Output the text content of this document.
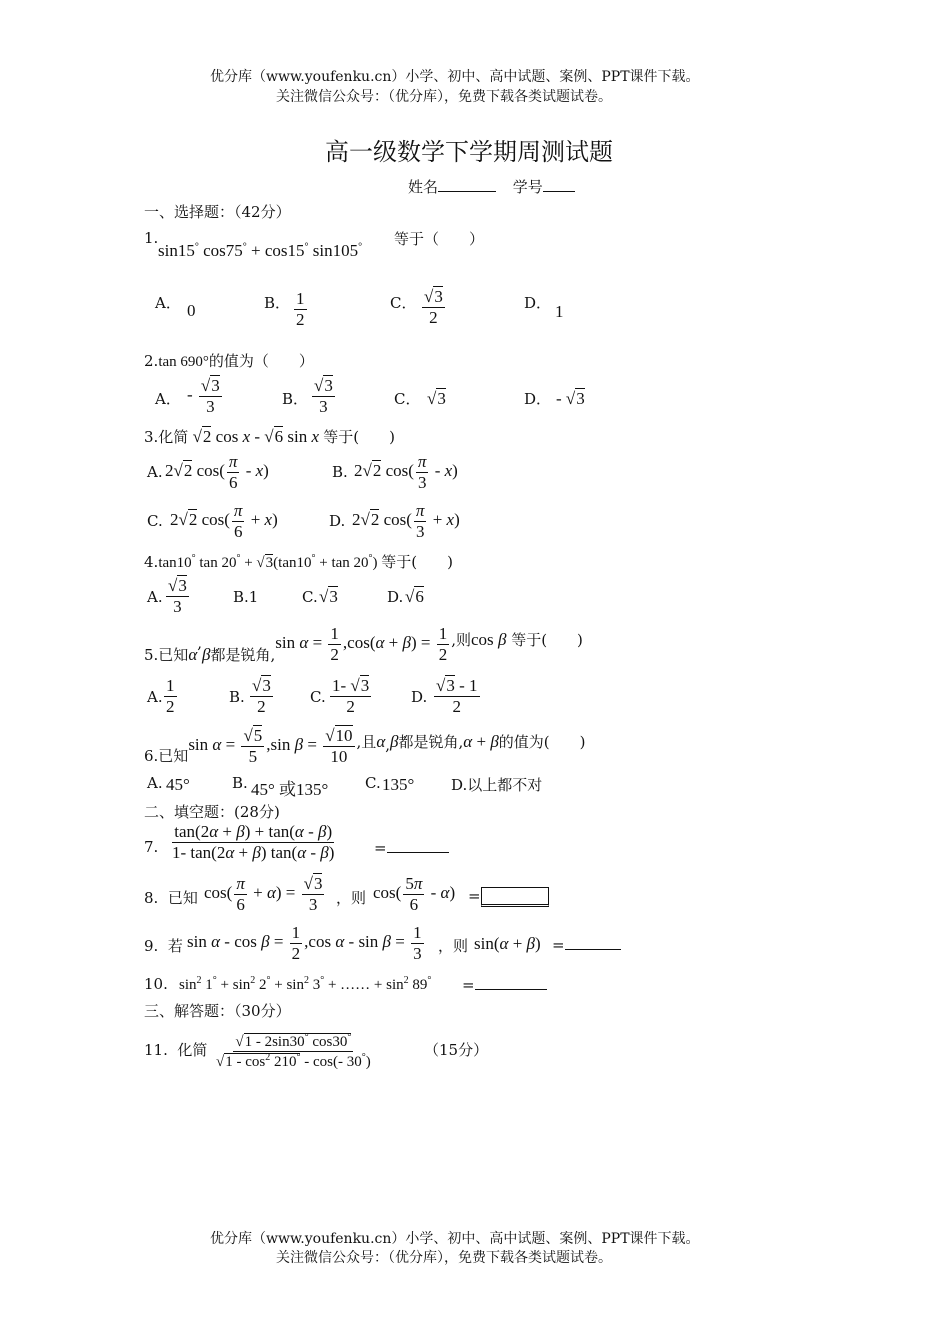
优分库（www.youfenku.cn）小学、初中、高中试题、案例、PPT课件下载。
关注微信公众号：（优分库），免费下载各类试题试卷。
高一级数学下学期周测试题
姓名	学号
一、选择题：（42分）
1.
sin15° cos75° + cos15° sin105° 等于（　　）
A． 0	B． $\frac{1}{2}$	C． $\frac{√3}{2}$	D． 1
2.tan 690°的值为（　　）
A． - $\frac{√3}{3}$	B． $\frac{√3}{3}$	C． √3	D． - √3
3.化简 √2 cos x - √6 sin x 等于(　　)
A. 2√2 $\cos( \frac{\pi}{6} - x)$	B. 2√2 $\cos( \frac{\pi}{3} - x)$
C. 2√2 $\cos( \frac{\pi}{6} + x)$	D. 2√2 $\cos( \frac{\pi}{3} + x)$
4.tan10° tan 20° + √3(tan10° + tan 20°) 等于(　　)
A. $\frac{√3}{3}$	B.1	C. √3	D. √6
5.已知α,β都是锐角,sin $\alpha = \frac{1}{2} ,\cos(\alpha + \beta) = \frac{1}{2}$ ,则cos β 等于(　　)
A. $\frac{1}{2}$	B. $\frac{√3}{2} C$. $\frac{1- √3}{2}$	D. $\frac{√3 - 1}{2}$
6.已知$\sin \alpha = \frac{√5}{5} ,\sin$ $\beta = \frac{√10}{10}$ ,且α,β都是锐角,α + β的值为(　　)
A. 45°	B. 45° 或135° C. 135° D.以上都不对
二、填空题：(28分)
7. $\frac{\tan(2\alpha + \beta) + \tan(\alpha - \beta)}{1- \tan(2\alpha + \beta) \tan(\alpha - \beta)}$	=
8. 已知 $\cos( \frac{\pi}{6} + \alpha) = \frac{√3}{3}$ ，则 $\cos( \frac{5\pi}{6} - \alpha)$ =
9. 若 $\sin \alpha - \cos \beta = \frac{1}{2} ,\cos$ $\alpha - \sin \beta = \frac{1}{3}$ ，则 sin(α + β) =
10. $\sin^2 1^\circ + \sin^2 2^\circ + \sin^2 3^\circ$ + …… + $\sin^2 89^\circ$ =
三、解答题：（30分）
11. 化简 $\frac{√1 - 2\sin 30^\circ \cos 30^\circ}{√1 - \cos^2 210^\circ - \cos(- 30^\circ)}$	（15分）
优分库（www.youfenku.cn）小学、初中、高中试题、案例、PPT课件下载。
关注微信公众号：（优分库），免费下载各类试题试卷。
